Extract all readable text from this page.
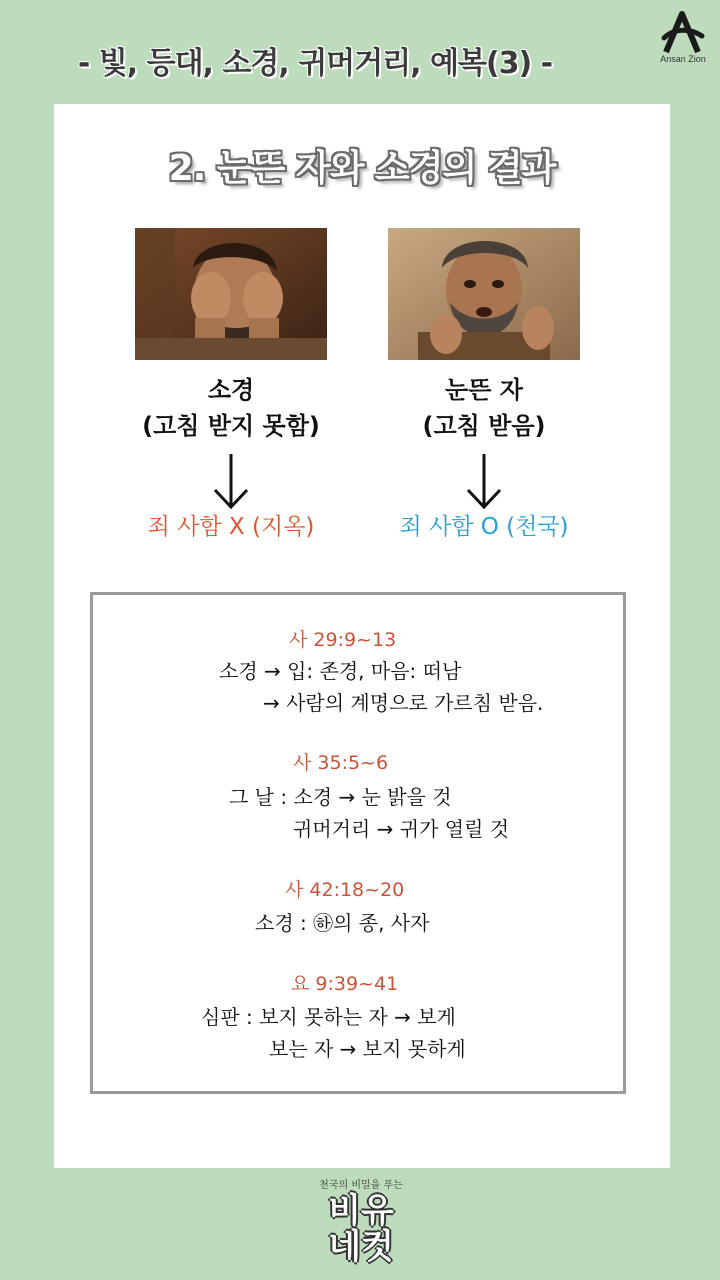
- 빛, 등대, 소경, 귀머거리, 예복(3) -	Ansan Zion
2. 눈뜬 자와 소경의 결과
소경
(고침 받지 못함)
눈뜬 자
(고침 받음)
죄 사함 X (지옥)	죄 사함 O (천국)
사 29:9~13
소경 → 입: 존경, 마음: 떠남
→ 사람의 계명으로 가르침 받음.
사 35:5~6
그 날 : 소경 → 눈 밝을 것
귀머거리 → 귀가 열릴 것
사 42:18~20
소경 : ㉻의 종, 사자
요 9:39~41
심판 : 보지 못하는 자 → 보게
보는 자 → 보지 못하게
천국의 비밀을 푸는
비유
네컷
